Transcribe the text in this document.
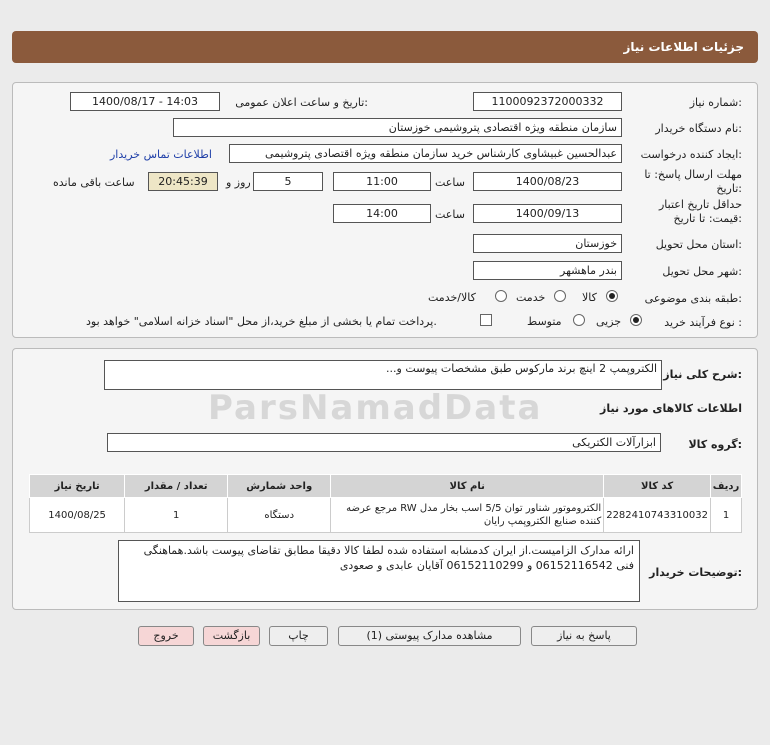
جزئیات اطلاعات نیاز
شماره نیاز:
1100092372000332
تاریخ و ساعت اعلان عمومی:
1400/08/17 - 14:03
نام دستگاه خریدار:
سازمان منطقه ویژه اقتصادی پتروشیمی خوزستان
ایجاد کننده درخواست:
عبدالحسین غبیشاوی کارشناس خرید سازمان منطقه ویژه اقتصادی پتروشیمی
اطلاعات تماس خریدار
مهلت ارسال پاسخ: تا تاریخ:
1400/08/23
ساعت
11:00
5
روز و
20:45:39
ساعت باقی مانده
حداقل تاریخ اعتبار قیمت: تا تاریخ:
1400/09/13
ساعت
14:00
استان محل تحویل:
خوزستان
شهر محل تحویل:
بندر ماهشهر
طبقه بندی موضوعی:
کالا
خدمت
کالا/خدمت
نوع فرآیند خرید :
جزیی
متوسط
پرداخت تمام یا بخشی از مبلغ خرید،از محل "اسناد خزانه اسلامی" خواهد بود.
شرح کلی نیاز:
الکتروپمپ 2 اینچ برند مارکوس طبق مشخصات پیوست و...
اطلاعات کالاهای مورد نیاز
گروه کالا:
ابزارآلات الکتریکی
ردیف	کد کالا	نام کالا	واحد شمارش	تعداد / مقدار	تاریخ نیاز
1	2282410743310032	الکتروموتور شناور توان 5/5 اسب بخار مدل RW مرجع عرضه کننده صنایع الکتروپمپ رایان	دستگاه	1	1400/08/25
توضیحات خریدار:
ارائه مدارک الزامیست.از ایران کدمشابه استفاده شده لطفا کالا دقیقا مطابق تقاضای پیوست باشد.هماهنگی فنی 06152116542 و 06152110299 آقایان عابدی و صعودی
پاسخ به نیاز
مشاهده مدارک پیوستی (1)
چاپ
بازگشت
خروج
ParsNamadData
